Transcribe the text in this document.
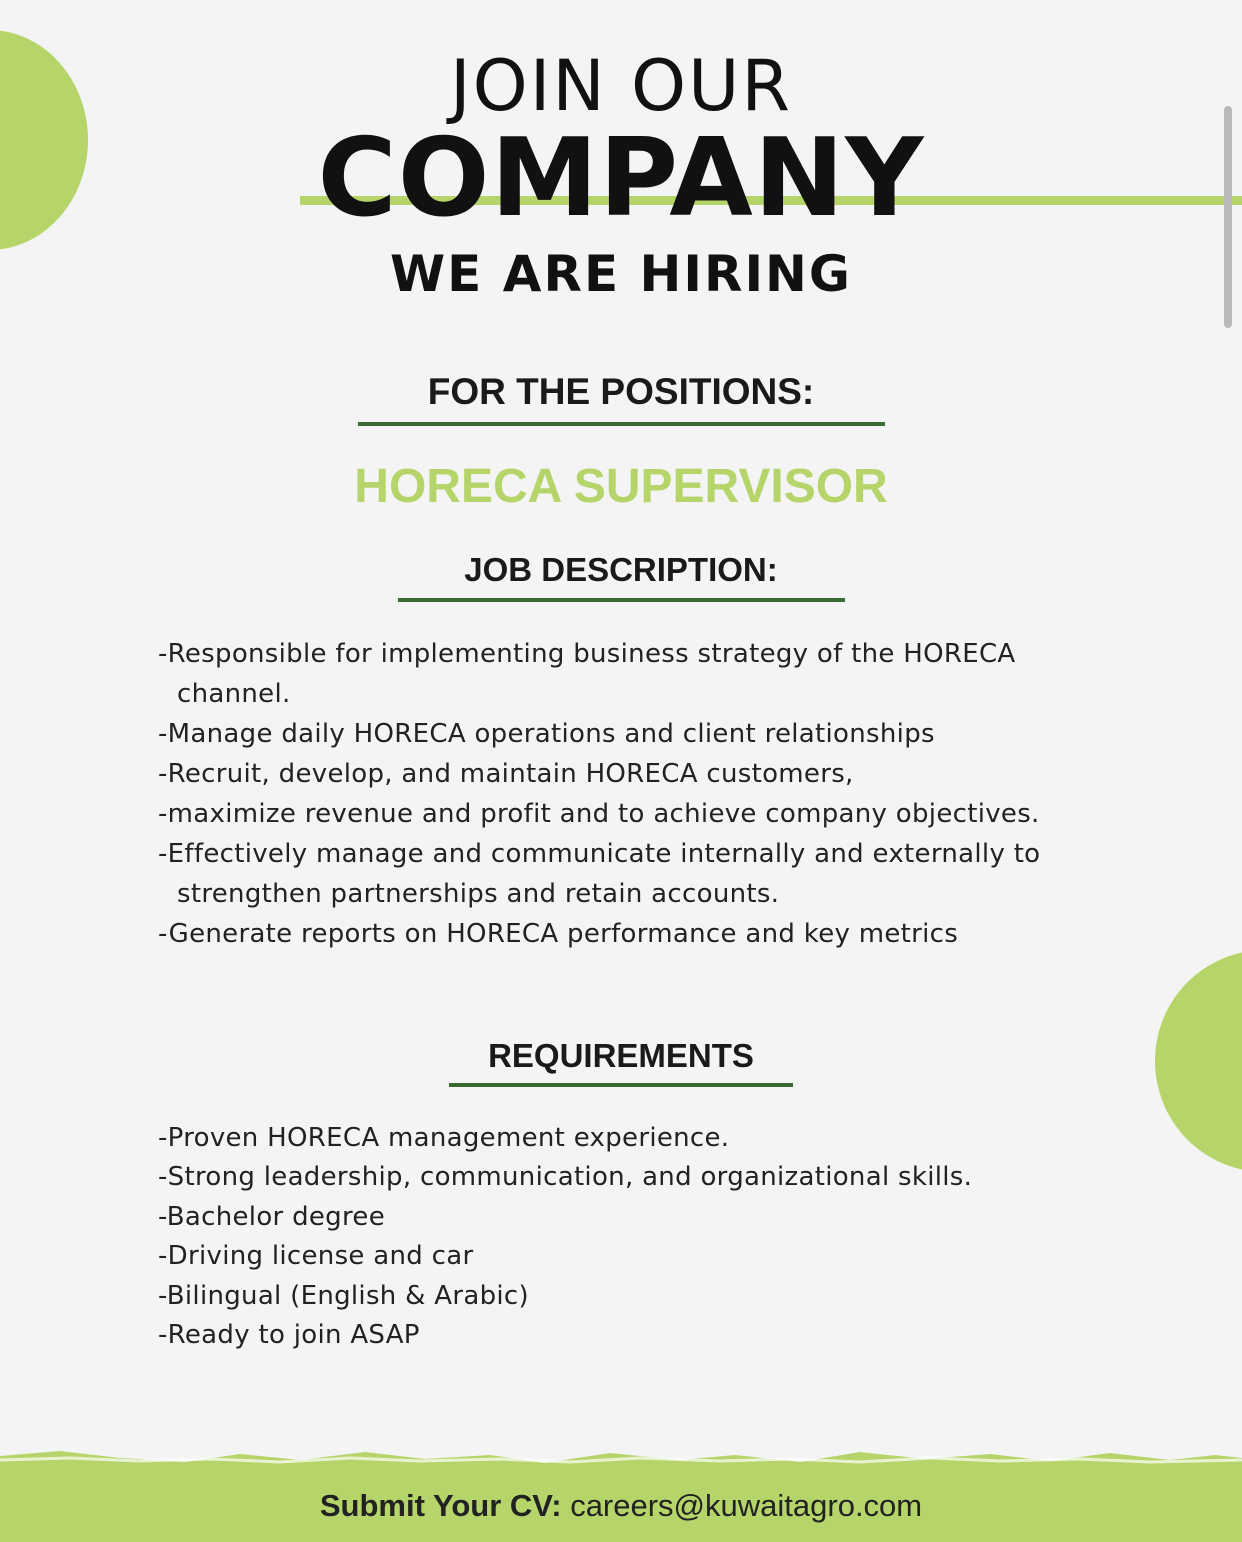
JOIN OUR
COMPANY
WE ARE HIRING
FOR THE POSITIONS:
HORECA SUPERVISOR
JOB DESCRIPTION:
-Responsible for implementing business strategy of the HORECA channel.
-Manage daily HORECA operations and client relationships
-Recruit, develop, and maintain HORECA customers,
-maximize revenue and profit and to achieve company objectives.
-Effectively manage and communicate internally and externally to strengthen partnerships and retain accounts.
-Generate reports on HORECA performance and key metrics
REQUIREMENTS
-Proven HORECA management experience.
-Strong leadership, communication, and organizational skills.
-Bachelor degree
-Driving license and car
-Bilingual (English & Arabic)
-Ready to join ASAP
Submit Your CV: careers@kuwaitagro.com
